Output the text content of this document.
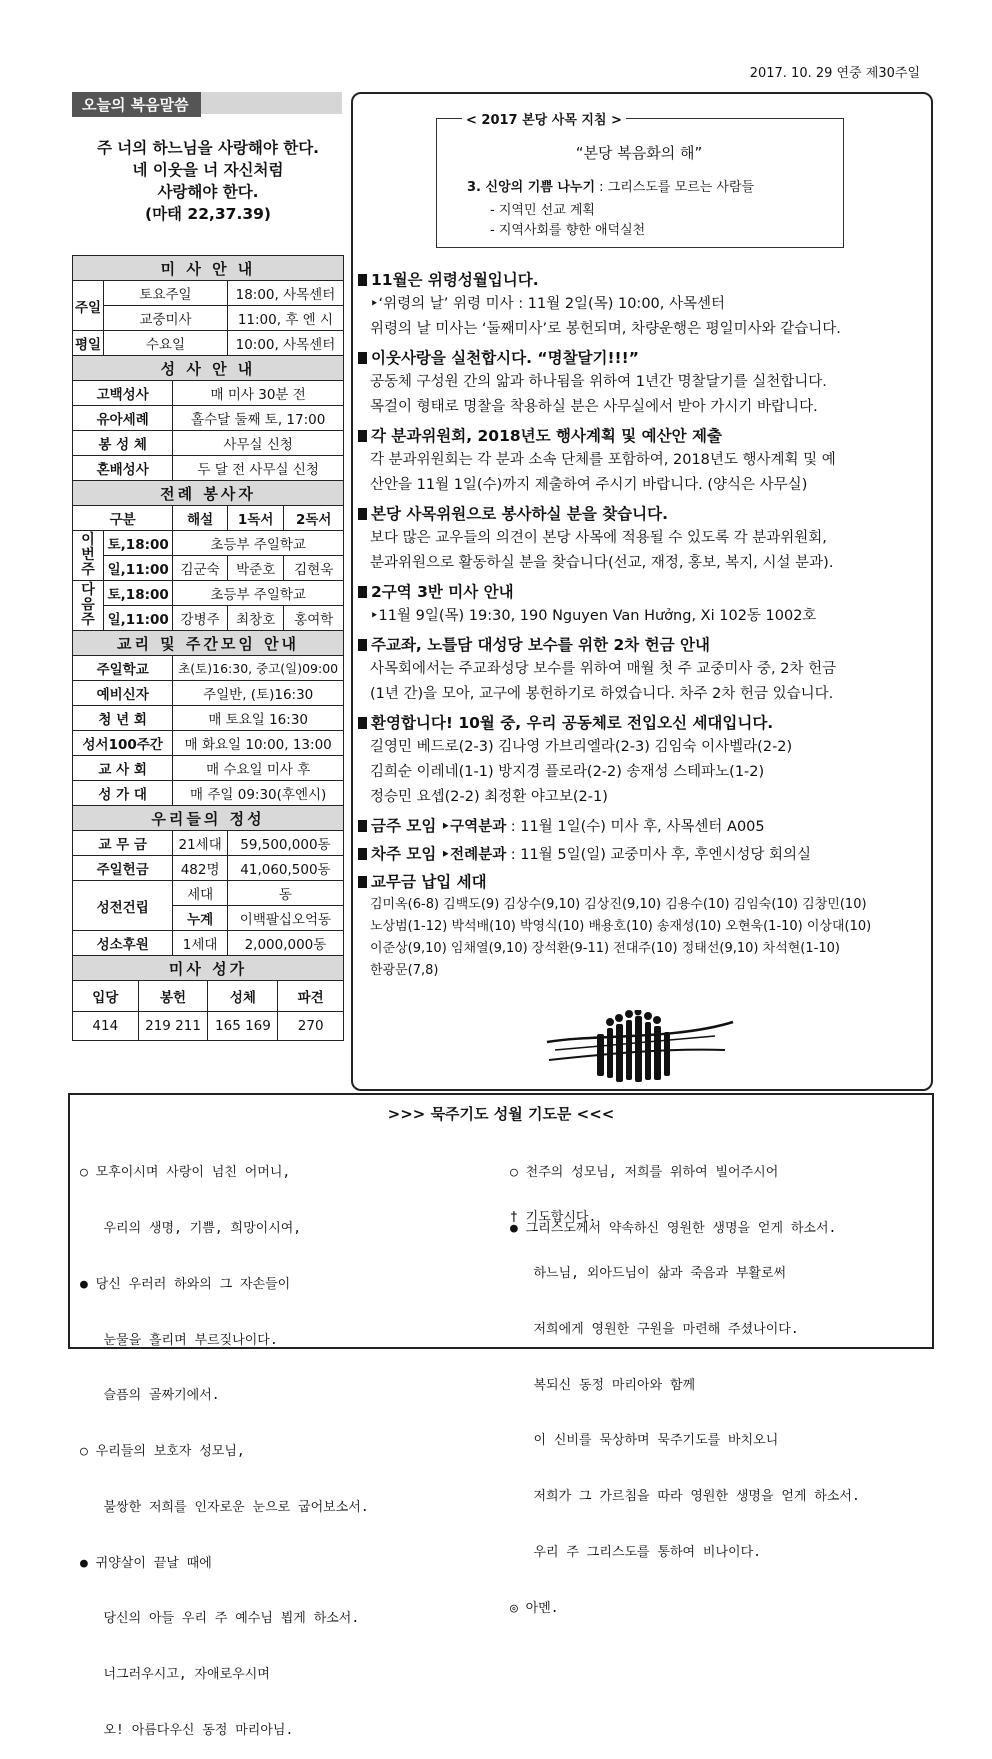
2017. 10. 29 연중 제30주일
오늘의 복음말씀
주 너의 하느님을 사랑해야 한다.
네 이웃을 너 자신처럼
사랑해야 한다.
(마태 22,37.39)
미 사 안 내				
주일	토요주일		18:00, 사목센터	
	교중미사		11:00, 후 엔 시	
평일	수요일		10:00, 사목센터	
성 사 안 내				
고백성사		매 미사 30분 전		
유아세례		홀수달 둘째 토, 17:00		
봉 성 체		사무실 신청		
혼배성사		두 달 전 사무실 신청		
전례 봉사자				
구분		해설	1독서	2독서
이번주	토,18:00	초등부 주일학교		
	일,11:00	김군숙	박준호	김현욱
다음주	토,18:00	초등부 주일학교		
	일,11:00	강병주	최창호	홍여학
교리 및 주간모임 안내				
주일학교		초(토)16:30, 중고(일)09:00		
예비신자		주일반, (토)16:30		
청 년 회		매 토요일 16:30		
성서100주간		매 화요일 10:00, 13:00		
교 사 회		매 수요일 미사 후		
성 가 대		매 주일 09:30(후엔시)		
우리들의 정성				
교 무 금		21세대	59,500,000동	
주일헌금		482명	41,060,500동	
성전건립		세대	동	
		누계	이백팔십오억동	
성소후원		1세대	2,000,000동	
미사 성가				
입당	봉헌	성체	파견
414	219 211	165 169	270
< 2017 본당 사목 지침 >
“본당 복음화의 해”
3. 신앙의 기쁨 나누기 : 그리스도를 모르는 사람들
- 지역민 선교 계획
- 지역사회를 향한 애덕실천
11월은 위령성월입니다.
‣‘위령의 날’ 위령 미사 : 11월 2일(목) 10:00, 사목센터
위령의 날 미사는 ‘둘째미사’로 봉헌되며, 차량운행은 평일미사와 같습니다.
이웃사랑을 실천합시다. “명찰달기!!!”
공동체 구성원 간의 앎과 하나됨을 위하여 1년간 명찰달기를 실천합니다.
목걸이 형태로 명찰을 착용하실 분은 사무실에서 받아 가시기 바랍니다.
각 분과위원회, 2018년도 행사계획 및 예산안 제출
각 분과위원회는 각 분과 소속 단체를 포함하여, 2018년도 행사계획 및 예
산안을 11월 1일(수)까지 제출하여 주시기 바랍니다. (양식은 사무실)
본당 사목위원으로 봉사하실 분을 찾습니다.
보다 많은 교우들의 의견이 본당 사목에 적용될 수 있도록 각 분과위원회,
분과위원으로 활동하실 분을 찾습니다(선교, 재정, 홍보, 복지, 시설 분과).
2구역 3반 미사 안내
‣11월 9일(목) 19:30, 190 Nguyen Van Hưởng, Xi 102동 1002호
주교좌, 노틀담 대성당 보수를 위한 2차 헌금 안내
사목회에서는 주교좌성당 보수를 위하여 매월 첫 주 교중미사 중, 2차 헌금
(1년 간)을 모아, 교구에 봉헌하기로 하였습니다. 차주 2차 헌금 있습니다.
환영합니다! 10월 중, 우리 공동체로 전입오신 세대입니다.
길영민 베드로(2-3) 김나영 가브리엘라(2-3) 김임숙 이사벨라(2-2)
김희순 이레네(1-1) 방지경 플로라(2-2) 송재성 스테파노(1-2)
정승민 요셉(2-2) 최정환 야고보(2-1)
금주 모임 ‣구역분과 : 11월 1일(수) 미사 후, 사목센터 A005
차주 모임 ‣전례분과 : 11월 5일(일) 교중미사 후, 후엔시성당 회의실
교무금 납입 세대
김미옥(6-8) 김백도(9) 김상수(9,10) 김상진(9,10) 김용수(10) 김임숙(10) 김창민(10)
노상범(1-12) 박석배(10) 박영식(10) 배용호(10) 송재성(10) 오현욱(1-10) 이상대(10)
이준상(9,10) 임채열(9,10) 장석환(9-11) 전대주(10) 정태선(9,10) 차석현(1-10)
한광문(7,8)
>>> 묵주기도 성월 기도문 <<<

○ 모후이시며 사랑이 넘친 어머니,

우리의 생명, 기쁨, 희망이시여,

● 당신 우러러 하와의 그 자손들이

눈물을 흘리며 부르짖나이다.

슬픔의 골짜기에서.

○ 우리들의 보호자 성모님,

불쌍한 저희를 인자로운 눈으로 굽어보소서.

● 귀양살이 끝날 때에

당신의 아들 우리 주 예수님 뵙게 하소서.

너그러우시고, 자애로우시며

오! 아름다우신 동정 마리아님.

○ 천주의 성모님, 저희를 위하여 빌어주시어

● 그리스도께서 약속하신 영원한 생명을 얻게 하소서.

† 기도합시다.

하느님, 외아드님이 삶과 죽음과 부활로써

저희에게 영원한 구원을 마련해 주셨나이다.

복되신 동정 마리아와 함께

이 신비를 묵상하며 묵주기도를 바치오니

저희가 그 가르침을 따라 영원한 생명을 얻게 하소서.

우리 주 그리스도를 통하여 비나이다.

◎ 아멘.
